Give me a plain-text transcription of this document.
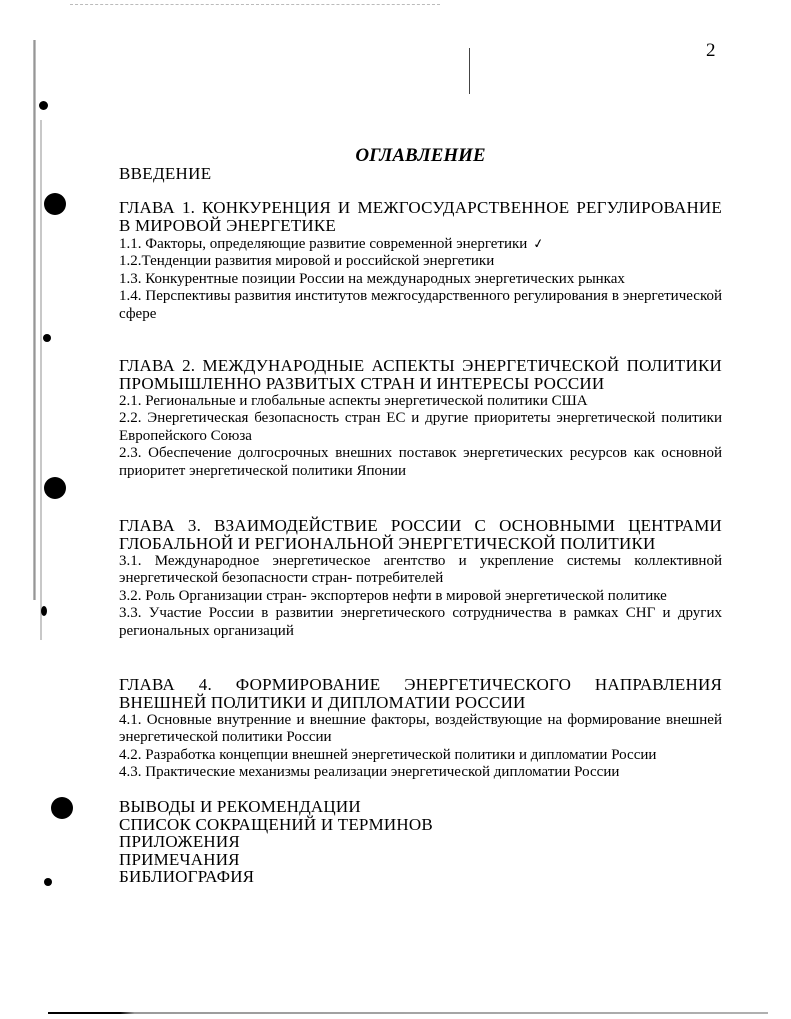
2
ОГЛАВЛЕНИЕ
ВВЕДЕНИЕ
ГЛАВА 1. КОНКУРЕНЦИЯ И МЕЖГОСУДАРСТВЕННОЕ РЕГУЛИРОВАНИЕ В МИРОВОЙ ЭНЕРГЕТИКЕ
1.1. Факторы, определяющие развитие современной энергетики ✓
1.2.Тенденции развития мировой и российской энергетики
1.3. Конкурентные позиции России на международных энергетических рынках
1.4. Перспективы развития институтов межгосударственного регулирования в энергетической сфере
ГЛАВА 2. МЕЖДУНАРОДНЫЕ АСПЕКТЫ ЭНЕРГЕТИЧЕСКОЙ ПОЛИТИКИ ПРОМЫШЛЕННО РАЗВИТЫХ СТРАН И ИНТЕРЕСЫ РОССИИ
2.1. Региональные и глобальные аспекты энергетической политики США
2.2. Энергетическая безопасность стран ЕС и другие приоритеты энергетической политики Европейского Союза
2.3. Обеспечение долгосрочных внешних поставок энергетических ресурсов как основной приоритет энергетической политики Японии
ГЛАВА 3. ВЗАИМОДЕЙСТВИЕ РОССИИ С ОСНОВНЫМИ ЦЕНТРАМИ ГЛОБАЛЬНОЙ И РЕГИОНАЛЬНОЙ ЭНЕРГЕТИЧЕСКОЙ ПОЛИТИКИ
3.1. Международное энергетическое агентство и укрепление системы коллективной энергетической безопасности стран- потребителей
3.2. Роль Организации стран- экспортеров нефти в мировой энергетической политике
3.3. Участие России в развитии энергетического сотрудничества в рамках СНГ и других региональных организаций
ГЛАВА 4. ФОРМИРОВАНИЕ ЭНЕРГЕТИЧЕСКОГО НАПРАВЛЕНИЯ ВНЕШНЕЙ ПОЛИТИКИ И ДИПЛОМАТИИ РОССИИ
4.1. Основные внутренние и внешние факторы, воздействующие на формирование внешней энергетической политики России
4.2. Разработка концепции внешней энергетической политики и дипломатии России
4.3. Практические механизмы реализации энергетической дипломатии России
ВЫВОДЫ И РЕКОМЕНДАЦИИ
СПИСОК СОКРАЩЕНИЙ И ТЕРМИНОВ
ПРИЛОЖЕНИЯ
ПРИМЕЧАНИЯ
БИБЛИОГРАФИЯ
